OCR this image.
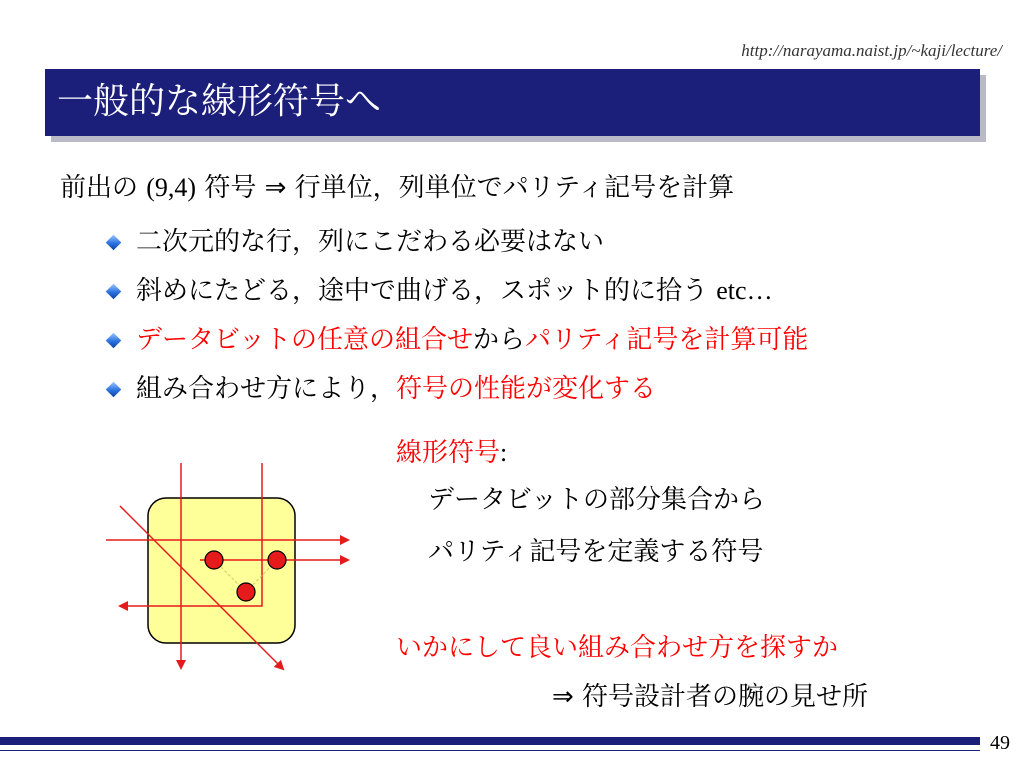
http://narayama.naist.jp/~kaji/lecture/
一般的な線形符号へ
前出の (9,4) 符号 ⇒ 行単位，列単位でパリティ記号を計算
二次元的な行，列にこだわる必要はない
斜めにたどる，途中で曲げる，スポット的に拾う etc…
データビットの任意の組合せからパリティ記号を計算可能
組み合わせ方により，符号の性能が変化する
線形符号:
データビットの部分集合から
パリティ記号を定義する符号
いかにして良い組み合わせ方を探すか
⇒ 符号設計者の腕の見せ所
49
